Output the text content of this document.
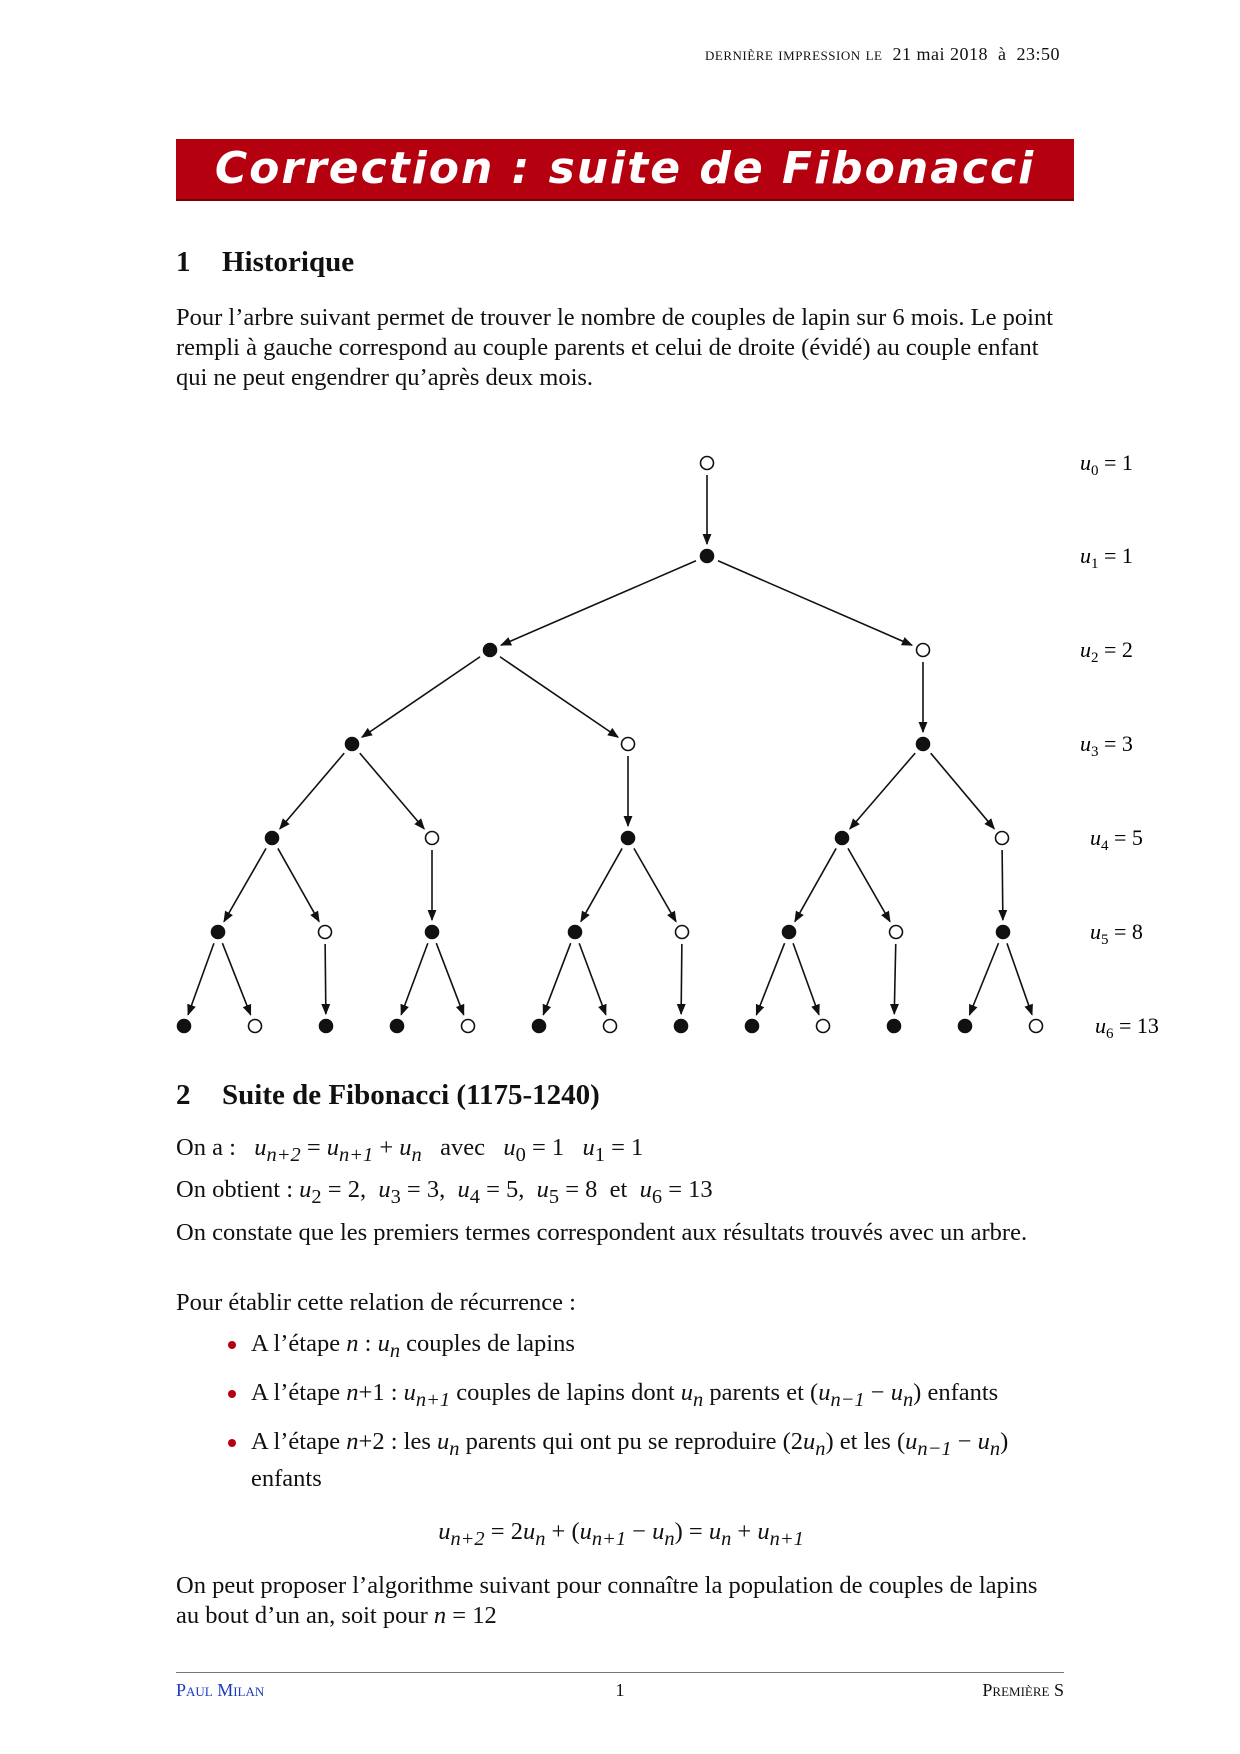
dernière impression le 21 mai 2018 à 23:50
Correction : suite de Fibonacci
1 Historique
Pour l’arbre suivant permet de trouver le nombre de couples de lapin sur 6 mois. Le point rempli à gauche correspond au couple parents et celui de droite (évidé) au couple enfant qui ne peut engendrer qu’après deux mois.
$u_0 = 1$
$u_1 = 1$
$u_2 = 2$
$u_3 = 3$
$u_4 = 5$
$u_5 = 8$
$u_6 = 13$
2 Suite de Fibonacci (1175-1240)
On a : $u_{n+2} = u_{n+1} + u_n$ avec $u_0 = 1$   $u_1 = 1$
On obtient : $u_2 = 2$,  $u_3 = 3$,  $u_4 = 5$,  $u_5 = 8$  et $u_6 = 13$
On constate que les premiers termes correspondent aux résultats trouvés avec un arbre.
Pour établir cette relation de récurrence :
A l’étape n : $u_n$ couples de lapins
A l’étape n+1 : $u_{n+1}$ couples de lapins dont $u_n$ parents et $(u_{n-1} - u_n)$ enfants
A l’étape n+2 : les $u_n$ parents qui ont pu se reproduire $(2u_n)$ et les $(u_{n-1} - u_n)$ enfants
$u_{n+2} = 2u_n + (u_{n+1} - u_n) = u_n + u_{n+1}$
On peut proposer l’algorithme suivant pour connaître la population de couples de lapins au bout d’un an, soit pour n = 12
Paul Milan	1	Première S
